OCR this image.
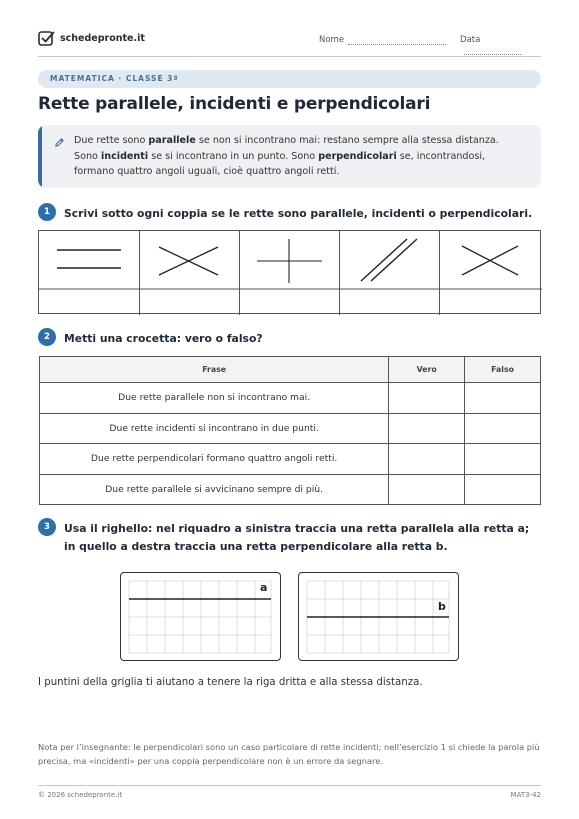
schedepronte.it	Nome	Data
MATEMATICA · CLASSE 3ª
Rette parallele, incidenti e perpendicolari

Due rette sono parallele se non si incontrano mai: restano sempre alla stessa distanza.
Sono incidenti se si incontrano in un punto. Sono perpendicolari se, incontrandosi,
formano quattro angoli uguali, cioè quattro angoli retti.

1	Scrivi sotto ogni coppia se le rette sono parallele, incidenti o perpendicolari.
2	Metti una crocetta: vero o falso?
Frase	Vero	Falso
Due rette parallele non si incontrano mai.		
Due rette incidenti si incontrano in due punti.		
Due rette perpendicolari formano quattro angoli retti.		
Due rette parallele si avvicinano sempre di più.		
3	Usa il righello: nel riquadro a sinistra traccia una retta parallela alla retta a; in quello a destra traccia una retta perpendicolare alla retta b.
a
b
I puntini della griglia ti aiutano a tenere la riga dritta e alla stessa distanza.
Nota per l’insegnante: le perpendicolari sono un caso particolare di rette incidenti; nell’esercizio 1 si chiede la parola più precisa, ma «incidenti» per una coppia perpendicolare non è un errore da segnare.
© 2026 schedepronte.it	MAT3-42
